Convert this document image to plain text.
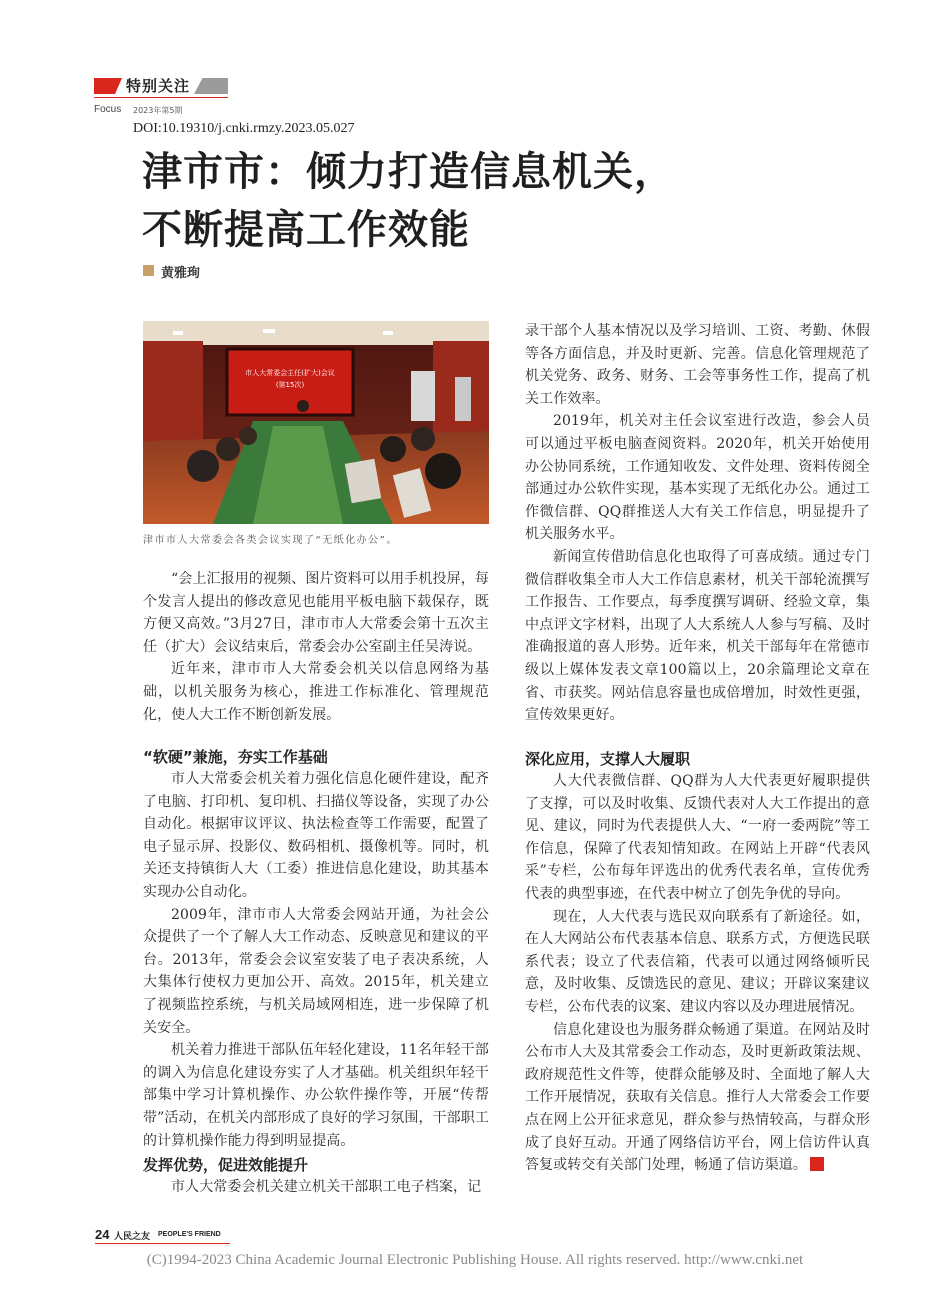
特别关注
Focus 2023年第5期
DOI:10.19310/j.cnki.rmzy.2023.05.027
津市市：倾力打造信息机关，
不断提高工作效能
黄雅珣
市人大常委会主任(扩大)会议
(第15次)
津市市人大常委会各类会议实现了“无纸化办公”。

“会上汇报用的视频、图片资料可以用手机投屏，每个发言人提出的修改意见也能用平板电脑下载保存，既方便又高效。”3月27日，津市市人大常委会第十五次主任（扩大）会议结束后，常委会办公室副主任吴涛说。

近年来，津市市人大常委会机关以信息网络为基础，以机关服务为核心，推进工作标准化、管理规范化，使人大工作不断创新发展。

“软硬”兼施，夯实工作基础

市人大常委会机关着力强化信息化硬件建设，配齐了电脑、打印机、复印机、扫描仪等设备，实现了办公自动化。根据审议评议、执法检查等工作需要，配置了电子显示屏、投影仪、数码相机、摄像机等。同时，机关还支持镇街人大（工委）推进信息化建设，助其基本实现办公自动化。

2009年，津市市人大常委会网站开通，为社会公众提供了一个了解人大工作动态、反映意见和建议的平台。2013年，常委会会议室安装了电子表决系统，人大集体行使权力更加公开、高效。2015年，机关建立了视频监控系统，与机关局域网相连，进一步保障了机关安全。

机关着力推进干部队伍年轻化建设，11名年轻干部的调入为信息化建设夯实了人才基础。机关组织年轻干部集中学习计算机操作、办公软件操作等，开展“传帮带”活动，在机关内部形成了良好的学习氛围，干部职工的计算机操作能力得到明显提高。

发挥优势，促进效能提升

市人大常委会机关建立机关干部职工电子档案，记

录干部个人基本情况以及学习培训、工资、考勤、休假等各方面信息，并及时更新、完善。信息化管理规范了机关党务、政务、财务、工会等事务性工作，提高了机关工作效率。

2019年，机关对主任会议室进行改造，参会人员可以通过平板电脑查阅资料。2020年，机关开始使用办公协同系统，工作通知收发、文件处理、资料传阅全部通过办公软件实现，基本实现了无纸化办公。通过工作微信群、QQ群推送人大有关工作信息，明显提升了机关服务水平。

新闻宣传借助信息化也取得了可喜成绩。通过专门微信群收集全市人大工作信息素材，机关干部轮流撰写工作报告、工作要点，每季度撰写调研、经验文章，集中点评文字材料，出现了人大系统人人参与写稿、及时准确报道的喜人形势。近年来，机关干部每年在常德市级以上媒体发表文章100篇以上，20余篇理论文章在省、市获奖。网站信息容量也成倍增加，时效性更强，宣传效果更好。

深化应用，支撑人大履职

人大代表微信群、QQ群为人大代表更好履职提供了支撑，可以及时收集、反馈代表对人大工作提出的意见、建议，同时为代表提供人大、“一府一委两院”等工作信息，保障了代表知情知政。在网站上开辟“代表风采”专栏，公布每年评选出的优秀代表名单，宣传优秀代表的典型事迹，在代表中树立了创先争优的导向。

现在，人大代表与选民双向联系有了新途径。如，在人大网站公布代表基本信息、联系方式，方便选民联系代表；设立了代表信箱，代表可以通过网络倾听民意，及时收集、反馈选民的意见、建议；开辟议案建议专栏，公布代表的议案、建议内容以及办理进展情况。

信息化建设也为服务群众畅通了渠道。在网站及时公布市人大及其常委会工作动态，及时更新政策法规、政府规范性文件等，使群众能够及时、全面地了解人大工作开展情况，获取有关信息。推行人大常委会工作要点在网上公开征求意见，群众参与热情较高，与群众形成了良好互动。开通了网络信访平台，网上信访件认真答复或转交有关部门处理，畅通了信访渠道。

24 人民之友 PEOPLE'S FRIEND
(C)1994-2023 China Academic Journal Electronic Publishing House. All rights reserved. http://www.cnki.net
